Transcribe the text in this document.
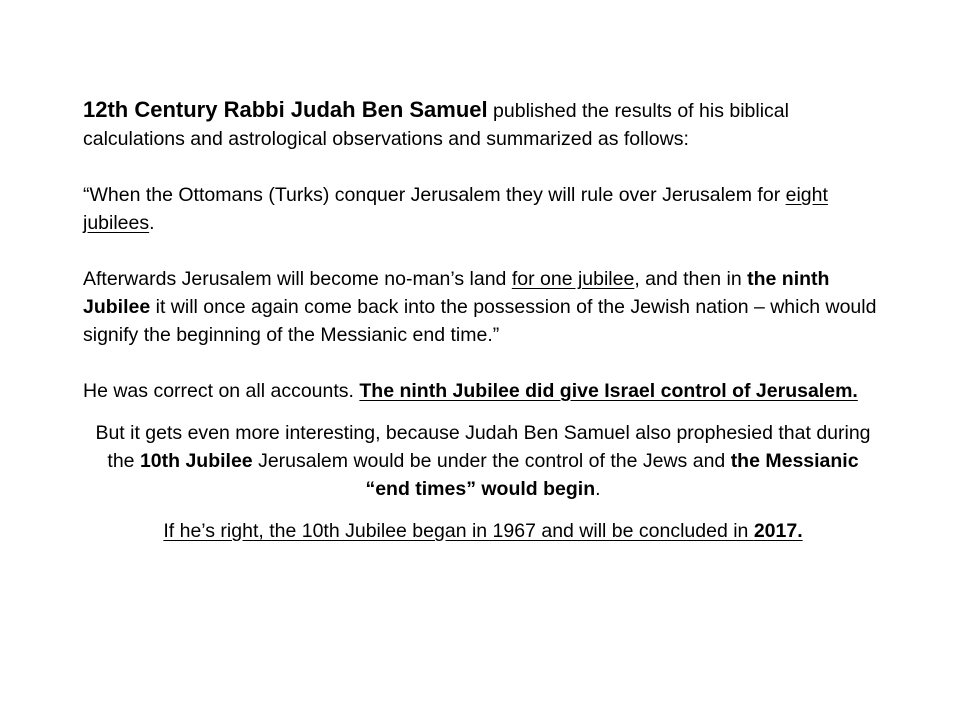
12th Century Rabbi Judah Ben Samuel published the results of his biblical calculations and astrological observations and summarized as follows:

“When the Ottomans (Turks) conquer Jerusalem they will rule over Jerusalem for eight jubilees.

Afterwards Jerusalem will become no-man’s land for one jubilee, and then in the ninth Jubilee it will once again come back into the possession of the Jewish nation – which would signify the beginning of the Messianic end time.”

He was correct on all accounts. The ninth Jubilee did give Israel control of Jerusalem.

But it gets even more interesting, because Judah Ben Samuel also prophesied that during the 10th Jubilee Jerusalem would be under the control of the Jews and the Messianic “end times” would begin.

If he’s right, the 10th Jubilee began in 1967 and will be concluded in 2017.
